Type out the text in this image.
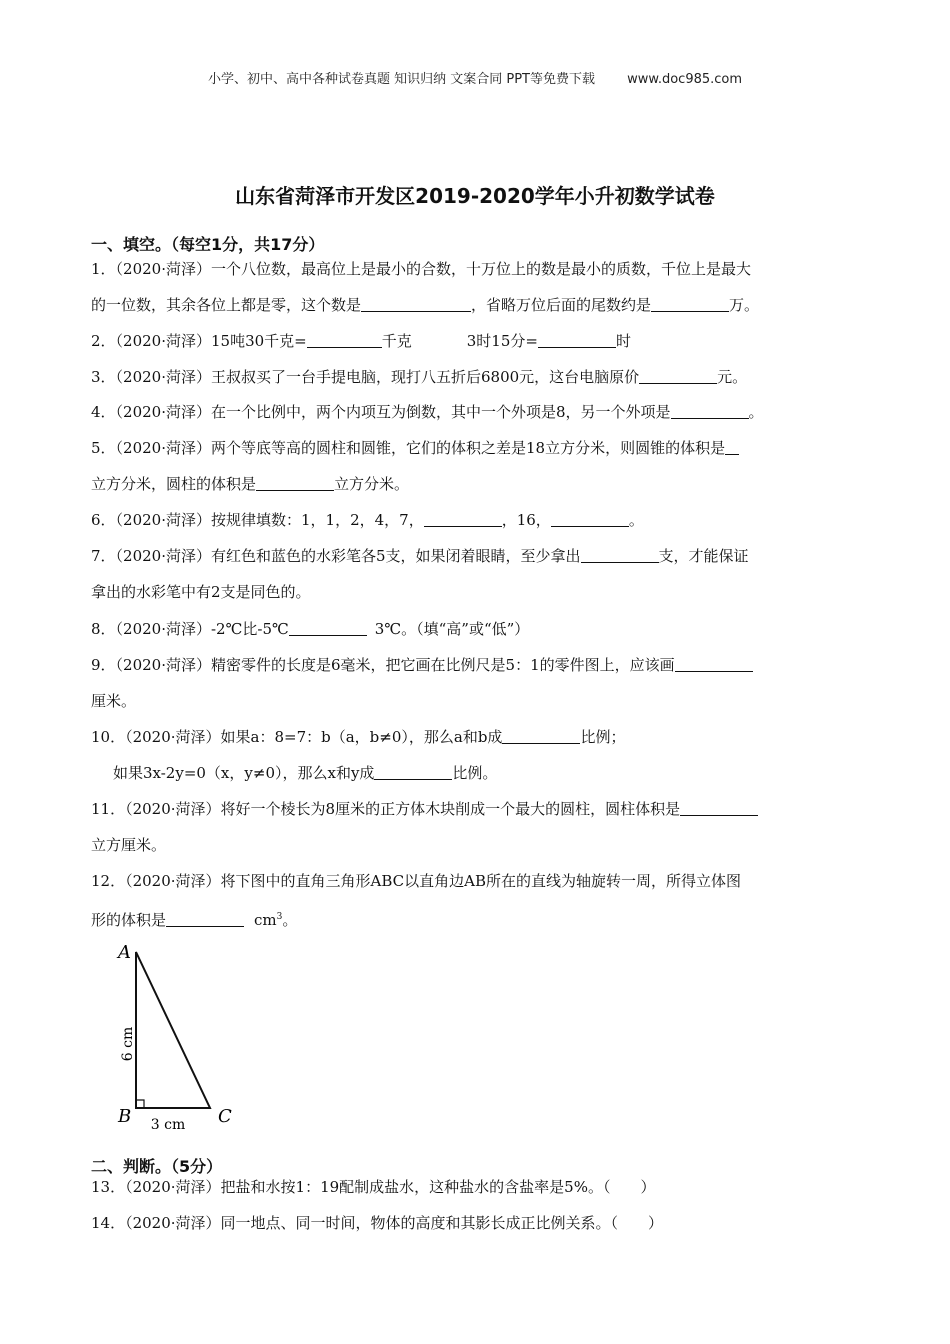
小学、初中、高中各种试卷真题 知识归纳 文案合同 PPT等免费下载 www.doc985.com
山东省菏泽市开发区2019-2020学年小升初数学试卷
一、填空。（每空1分，共17分）
1．（2020·菏泽）一个八位数，最高位上是最小的合数，十万位上的数是最小的质数，千位上是最大
的一位数，其余各位上都是零，这个数是	，省略万位后面的尾数约是	万。
2．（2020·菏泽）15吨30千克=	千克	3时15分=	时
3．（2020·菏泽）王叔叔买了一台手提电脑，现打八五折后6800元，这台电脑原价	元。
4．（2020·菏泽）在一个比例中，两个内项互为倒数，其中一个外项是8，另一个外项是	。
5．（2020·菏泽）两个等底等高的圆柱和圆锥，它们的体积之差是18立方分米，则圆锥的体积是
立方分米，圆柱的体积是	立方分米。
6．（2020·菏泽）按规律填数：1，1，2，4，7，	，16，	。
7．（2020·菏泽）有红色和蓝色的水彩笔各5支，如果闭着眼睛，至少拿出	支，才能保证
拿出的水彩笔中有2支是同色的。
8．（2020·菏泽）-2℃比-5℃	3℃。（填“高”或“低”）
9．（2020·菏泽）精密零件的长度是6毫米，把它画在比例尺是5：1的零件图上，应该画
厘米。
10．（2020·菏泽）如果a：8=7：b（a，b≠0），那么a和b成	比例；
如果3x-2y=0（x，y≠0），那么x和y成	比例。
11．（2020·菏泽）将好一个棱长为8厘米的正方体木块削成一个最大的圆柱，圆柱体积是
立方厘米。
12．（2020·菏泽）将下图中的直角三角形ABC以直角边AB所在的直线为轴旋转一周，所得立体图
形的体积是	$cm^3$。
A
B	C
6 cm
3 cm
二、判断。（5分）
13．（2020·菏泽）把盐和水按1：19配制成盐水，这种盐水的含盐率是5%。（　　）
14．（2020·菏泽）同一地点、同一时间，物体的高度和其影长成正比例关系。（　　）
